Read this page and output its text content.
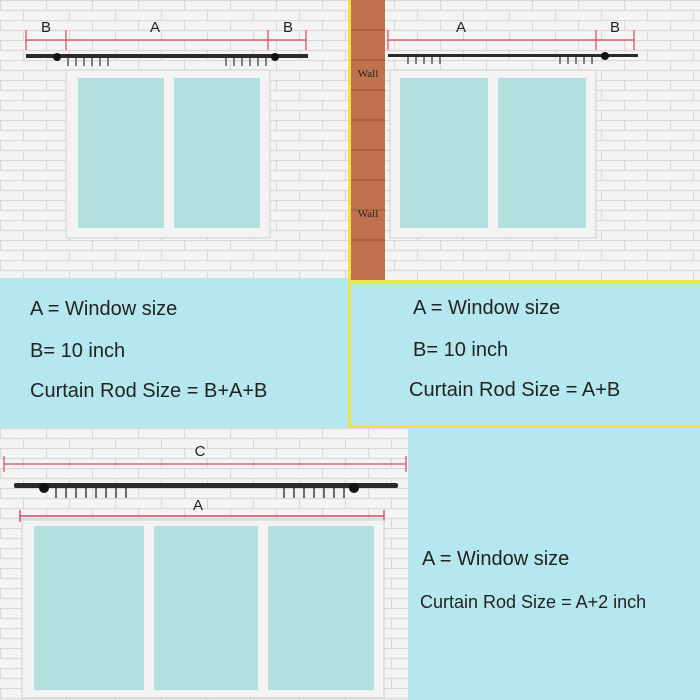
B	A	B
Wall
Wall
A	B
A = Window size
B= 10 inch
Curtain Rod Size = B+A+B
A = Window size
B= 10 inch
Curtain Rod Size = A+B
C
A
A = Window size
Curtain Rod Size = A+2 inch
